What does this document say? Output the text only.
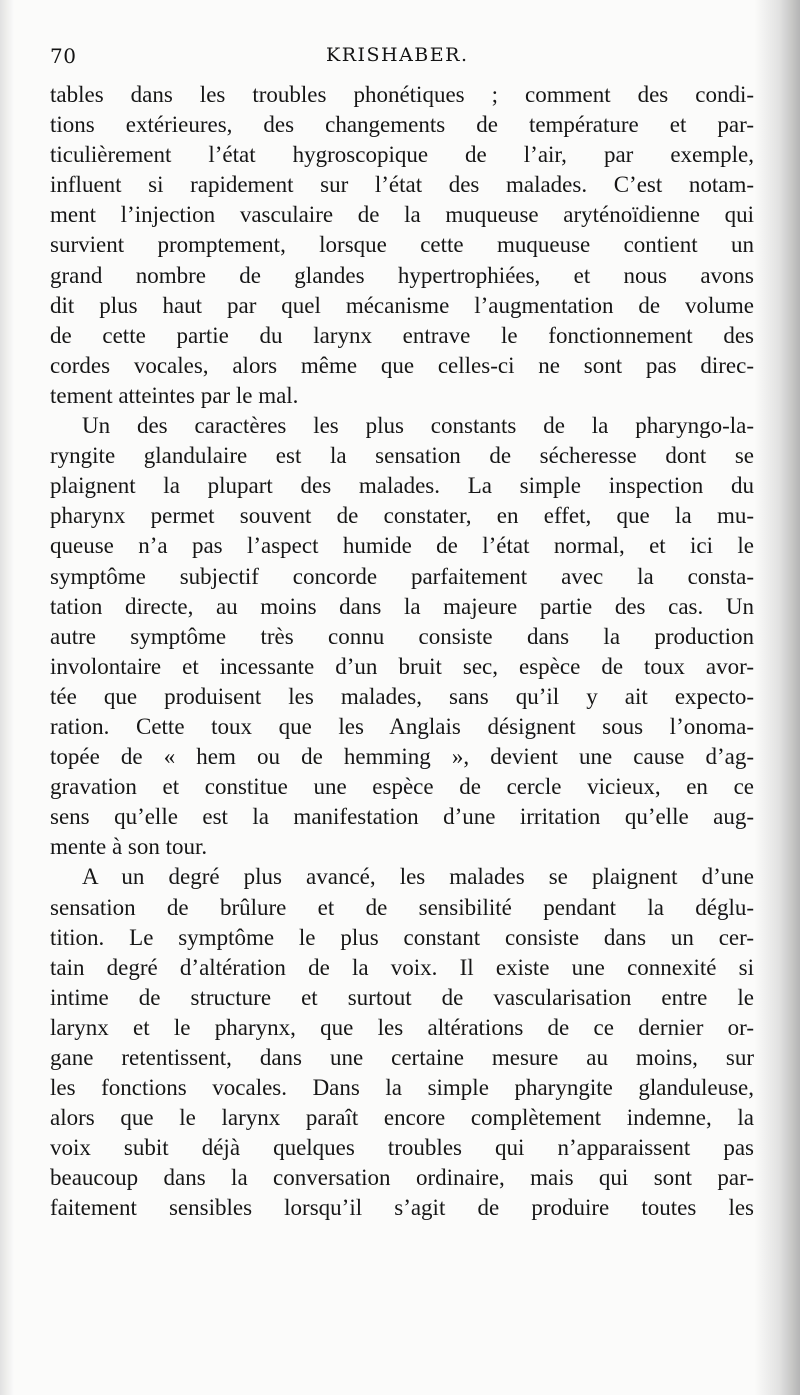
70	KRISHABER.
tables dans les troubles phonétiques ; comment des condi-
tions extérieures, des changements de température et par-
ticulièrement l’état hygroscopique de l’air, par exemple,
influent si rapidement sur l’état des malades. C’est notam-
ment l’injection vasculaire de la muqueuse aryténoïdienne qui
survient promptement, lorsque cette muqueuse contient un
grand nombre de glandes hypertrophiées, et nous avons
dit plus haut par quel mécanisme l’augmentation de volume
de cette partie du larynx entrave le fonctionnement des
cordes vocales, alors même que celles-ci ne sont pas direc-
tement atteintes par le mal.
Un des caractères les plus constants de la pharyngo-la-
ryngite glandulaire est la sensation de sécheresse dont se
plaignent la plupart des malades. La simple inspection du
pharynx permet souvent de constater, en effet, que la mu-
queuse n’a pas l’aspect humide de l’état normal, et ici le
symptôme subjectif concorde parfaitement avec la consta-
tation directe, au moins dans la majeure partie des cas. Un
autre symptôme très connu consiste dans la production
involontaire et incessante d’un bruit sec, espèce de toux avor-
tée que produisent les malades, sans qu’il y ait expecto-
ration. Cette toux que les Anglais désignent sous l’onoma-
topée de « hem ou de hemming », devient une cause d’ag-
gravation et constitue une espèce de cercle vicieux, en ce
sens qu’elle est la manifestation d’une irritation qu’elle aug-
mente à son tour.
A un degré plus avancé, les malades se plaignent d’une
sensation de brûlure et de sensibilité pendant la déglu-
tition. Le symptôme le plus constant consiste dans un cer-
tain degré d’altération de la voix. Il existe une connexité si
intime de structure et surtout de vascularisation entre le
larynx et le pharynx, que les altérations de ce dernier or-
gane retentissent, dans une certaine mesure au moins, sur
les fonctions vocales. Dans la simple pharyngite glanduleuse,
alors que le larynx paraît encore complètement indemne, la
voix subit déjà quelques troubles qui n’apparaissent pas
beaucoup dans la conversation ordinaire, mais qui sont par-
faitement sensibles lorsqu’il s’agit de produire toutes les
